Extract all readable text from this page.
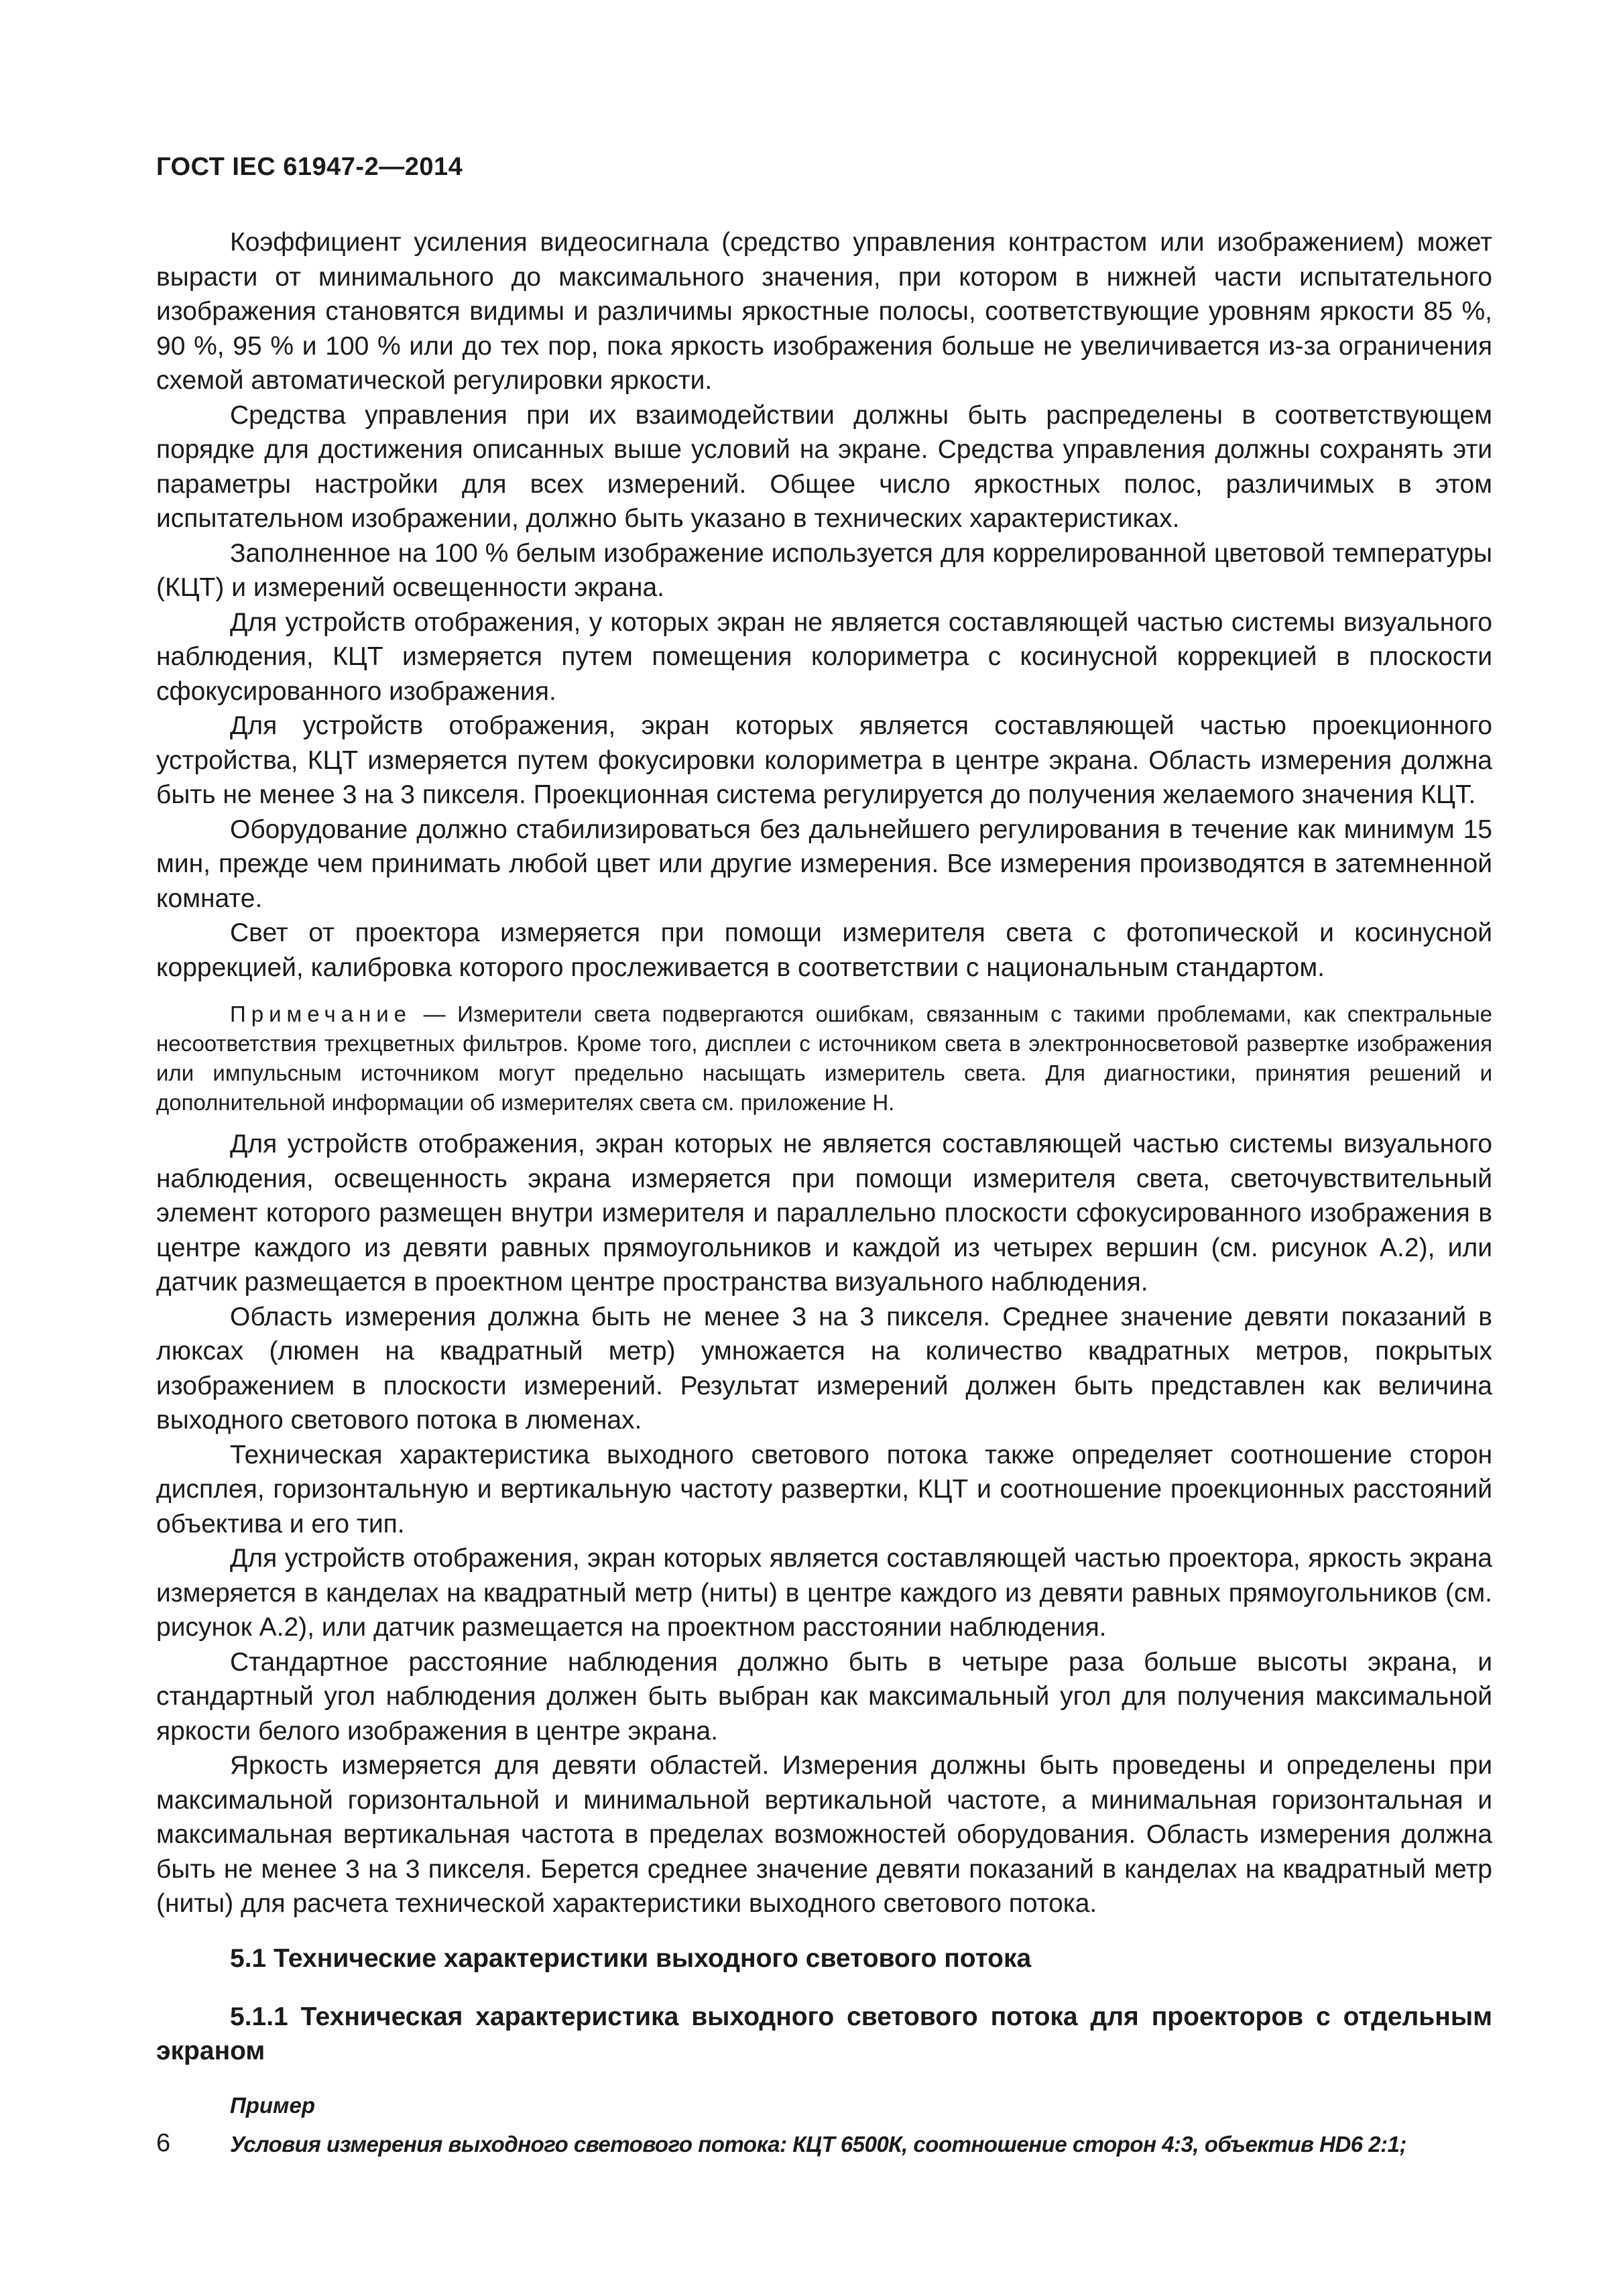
ГОСТ IEC 61947-2—2014

Коэффициент усиления видеосигнала (средство управления контрастом или изображением) может вырасти от минимального до максимального значения, при котором в нижней части испытательного изображения становятся видимы и различимы яркостные полосы, соответствующие уровням яркости 85 %, 90 %, 95 % и 100 % или до тех пор, пока яркость изображения больше не увеличивается из-за ограничения схемой автоматической регулировки яркости.

Средства управления при их взаимодействии должны быть распределены в соответствующем порядке для достижения описанных выше условий на экране. Средства управления должны сохранять эти параметры настройки для всех измерений. Общее число яркостных полос, различимых в этом испытательном изображении, должно быть указано в технических характеристиках.

Заполненное на 100 % белым изображение используется для коррелированной цветовой температуры (КЦТ) и измерений освещенности экрана.

Для устройств отображения, у которых экран не является составляющей частью системы визуального наблюдения, КЦТ измеряется путем помещения колориметра с косинусной коррекцией в плоскости сфокусированного изображения.

Для устройств отображения, экран которых является составляющей частью проекционного устройства, КЦТ измеряется путем фокусировки колориметра в центре экрана. Область измерения должна быть не менее 3 на 3 пикселя. Проекционная система регулируется до получения желаемого значения КЦТ.

Оборудование должно стабилизироваться без дальнейшего регулирования в течение как минимум 15 мин, прежде чем принимать любой цвет или другие измерения. Все измерения производятся в затемненной комнате.

Свет от проектора измеряется при помощи измерителя света с фотопической и косинусной коррекцией, калибровка которого прослеживается в соответствии с национальным стандартом.

Примечание — Измерители света подвергаются ошибкам, связанным с такими проблемами, как спектральные несоответствия трехцветных фильтров. Кроме того, дисплеи с источником света в электронносветовой развертке изображения или импульсным источником могут предельно насыщать измеритель света. Для диагностики, принятия решений и дополнительной информации об измерителях света см. приложение Н.

Для устройств отображения, экран которых не является составляющей частью системы визуального наблюдения, освещенность экрана измеряется при помощи измерителя света, светочувствительный элемент которого размещен внутри измерителя и параллельно плоскости сфокусированного изображения в центре каждого из девяти равных прямоугольников и каждой из четырех вершин (см. рисунок А.2), или датчик размещается в проектном центре пространства визуального наблюдения.

Область измерения должна быть не менее 3 на 3 пикселя. Среднее значение девяти показаний в люксах (люмен на квадратный метр) умножается на количество квадратных метров, покрытых изображением в плоскости измерений. Результат измерений должен быть представлен как величина выходного светового потока в люменах.

Техническая характеристика выходного светового потока также определяет соотношение сторон дисплея, горизонтальную и вертикальную частоту развертки, КЦТ и соотношение проекционных расстояний объектива и его тип.

Для устройств отображения, экран которых является составляющей частью проектора, яркость экрана измеряется в канделах на квадратный метр (ниты) в центре каждого из девяти равных прямоугольников (см. рисунок А.2), или датчик размещается на проектном расстоянии наблюдения.

Стандартное расстояние наблюдения должно быть в четыре раза больше высоты экрана, и стандартный угол наблюдения должен быть выбран как максимальный угол для получения максимальной яркости белого изображения в центре экрана.

Яркость измеряется для девяти областей. Измерения должны быть проведены и определены при максимальной горизонтальной и минимальной вертикальной частоте, а минимальная горизонтальная и максимальная вертикальная частота в пределах возможностей оборудования. Область измерения должна быть не менее 3 на 3 пикселя. Берется среднее значение девяти показаний в канделах на квадратный метр (ниты) для расчета технической характеристики выходного светового потока.

5.1 Технические характеристики выходного светового потока
5.1.1 Техническая характеристика выходного светового потока для проекторов с отдельным экраном
Пример
Условия измерения выходного светового потока: КЦТ 6500К, соотношение сторон 4:3, объектив HD6 2:1;
6
